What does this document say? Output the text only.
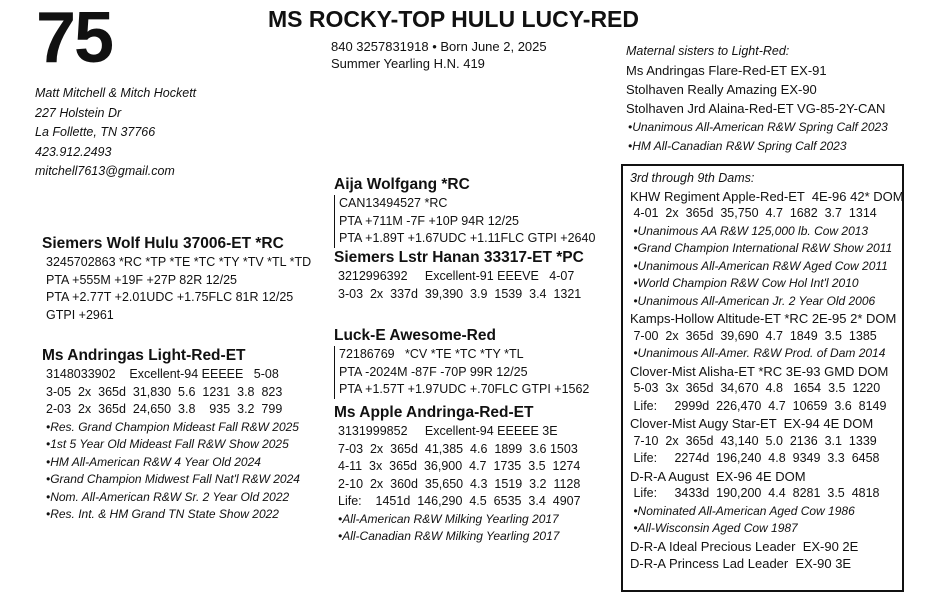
75	MS ROCKY-TOP HULU LUCY-RED
840 3257831918 • Born June 2, 2025
Summer Yearling H.N. 419
Matt Mitchell & Mitch Hockett
227 Holstein Dr
La Follette, TN 37766
423.912.2493
mitchell7613@gmail.com
Maternal sisters to Light-Red:
Ms Andringas Flare-Red-ET EX-91
Stolhaven Really Amazing EX-90
Stolhaven Jrd Alaina-Red-ET VG-85-2Y-CAN
•Unanimous All-American R&W Spring Calf 2023
•HM All-Canadian R&W Spring Calf 2023
Aija Wolfgang *RC
CAN13494527 *RC
PTA +711M -7F +10P 94R 12/25
PTA +1.89T +1.67UDC +1.11FLC GTPI +2640
Siemers Wolf Hulu 37006-ET *RC
3245702863 *RC *TP *TE *TC *TY *TV *TL *TD
PTA +555M +19F +27P 82R 12/25
PTA +2.77T +2.01UDC +1.75FLC 81R 12/25
GTPI +2961
Siemers Lstr Hanan 33317-ET *PC
3212996392     Excellent-91 EEEVE   4-07
3-03  2x  337d  39,390  3.9  1539  3.4  1321
Luck-E Awesome-Red
72186769   *CV *TE *TC *TY *TL
PTA -2024M -87F -70P 99R 12/25
PTA +1.57T +1.97UDC +.70FLC GTPI +1562
Ms Andringas Light-Red-ET
3148033902    Excellent-94 EEEEE   5-08
3-05  2x  365d  31,830  5.6  1231  3.8  823
2-03  2x  365d  24,650  3.8    935  3.2  799
•Res. Grand Champion Mideast Fall R&W 2025
•1st 5 Year Old Mideast Fall R&W Show 2025
•HM All-American R&W 4 Year Old 2024
•Grand Champion Midwest Fall Nat'l R&W 2024
•Nom. All-American R&W Sr. 2 Year Old 2022
•Res. Int. & HM Grand TN State Show 2022
Ms Apple Andringa-Red-ET
3131999852     Excellent-94 EEEEE 3E
7-03  2x  365d  41,385  4.6  1899  3.6 1503
4-11  3x  365d  36,900  4.7  1735  3.5  1274
2-10  2x  360d  35,650  4.3  1519  3.2  1128
Life:    1451d  146,290  4.5  6535  3.4  4907
•All-American R&W Milking Yearling 2017
•All-Canadian R&W Milking Yearling 2017
3rd through 9th Dams:
KHW Regiment Apple-Red-ET  4E-96 42* DOM
4-01  2x  365d  35,750  4.7  1682  3.7  1314
•Unanimous AA R&W 125,000 lb. Cow 2013
•Grand Champion International R&W Show 2011
•Unanimous All-American R&W Aged Cow 2011
•World Champion R&W Cow Hol Int'l 2010
•Unanimous All-American Jr. 2 Year Old 2006
Kamps-Hollow Altitude-ET *RC 2E-95 2* DOM
7-00  2x  365d  39,690  4.7  1849  3.5  1385
•Unanimous All-Amer. R&W Prod. of Dam 2014
Clover-Mist Alisha-ET *RC 3E-93 GMD DOM
5-03  3x  365d  34,670  4.8   1654  3.5  1220
Life:     2999d  226,470  4.7  10659  3.6  8149
Clover-Mist Augy Star-ET  EX-94 4E DOM
7-10  2x  365d  43,140  5.0  2136  3.1  1339
Life:     2274d  196,240  4.8  9349  3.3  6458
D-R-A August  EX-96 4E DOM
Life:     3433d  190,200  4.4  8281  3.5  4818
•Nominated All-American Aged Cow 1986
•All-Wisconsin Aged Cow 1987
D-R-A Ideal Precious Leader  EX-90 2E
D-R-A Princess Lad Leader  EX-90 3E
